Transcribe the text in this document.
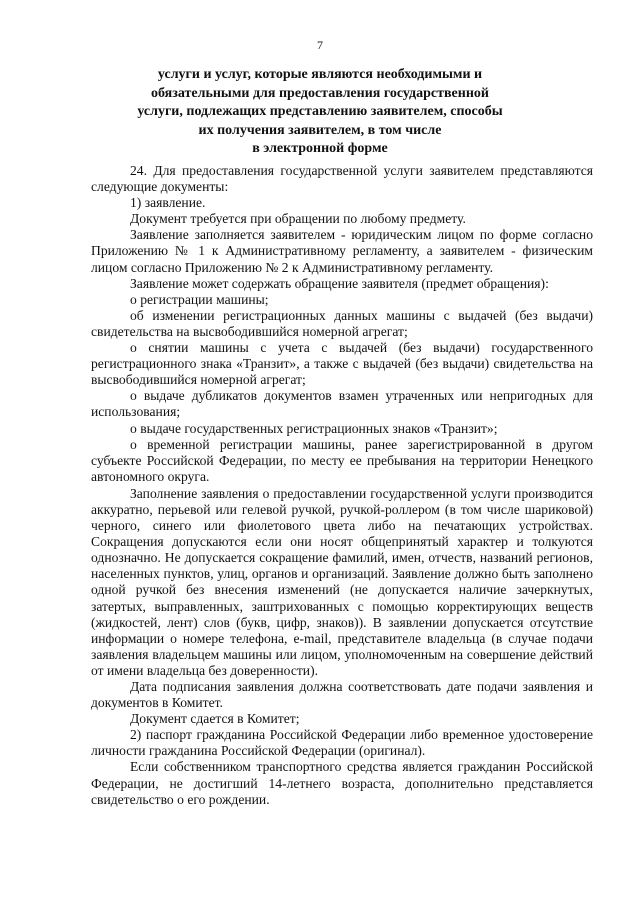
7
услуги и услуг, которые являются необходимыми и
обязательными для предоставления государственной
услуги, подлежащих представлению заявителем, способы
их получения заявителем, в том числе
в электронной форме

24. Для предоставления государственной услуги заявителем представляются следующие документы:

1) заявление.

Документ требуется при обращении по любому предмету.

Заявление заполняется заявителем - юридическим лицом по форме согласно Приложению № 1 к Административному регламенту, а заявителем - физическим лицом согласно Приложению № 2 к Административному регламенту.

Заявление может содержать обращение заявителя (предмет обращения):

о регистрации машины;

об изменении регистрационных данных машины с выдачей (без выдачи) свидетельства на высвободившийся номерной агрегат;

о снятии машины с учета с выдачей (без выдачи) государственного регистрационного знака «Транзит», а также с выдачей (без выдачи) свидетельства на высвободившийся номерной агрегат;

о выдаче дубликатов документов взамен утраченных или непригодных для использования;

о выдаче государственных регистрационных знаков «Транзит»;

о временной регистрации машины, ранее зарегистрированной в другом субъекте Российской Федерации, по месту ее пребывания на территории Ненецкого автономного округа.

Заполнение заявления о предоставлении государственной услуги производится аккуратно, перьевой или гелевой ручкой, ручкой-роллером (в том числе шариковой) черного, синего или фиолетового цвета либо на печатающих устройствах. Сокращения допускаются если они носят общепринятый характер и толкуются однозначно. Не допускается сокращение фамилий, имен, отчеств, названий регионов, населенных пунктов, улиц, органов и организаций. Заявление должно быть заполнено одной ручкой без внесения изменений (не допускается наличие зачеркнутых, затертых, выправленных, заштрихованных с помощью корректирующих веществ (жидкостей, лент) слов (букв, цифр, знаков)). В заявлении допускается отсутствие информации о номере телефона, e-mail, представителе владельца (в случае подачи заявления владельцем машины или лицом, уполномоченным на совершение действий от имени владельца без доверенности).

Дата подписания заявления должна соответствовать дате подачи заявления и документов в Комитет.

Документ сдается в Комитет;

2) паспорт гражданина Российской Федерации либо временное удостоверение личности гражданина Российской Федерации (оригинал).

Если собственником транспортного средства является гражданин Российской Федерации, не достигший 14-летнего возраста, дополнительно представляется свидетельство о его рождении.
